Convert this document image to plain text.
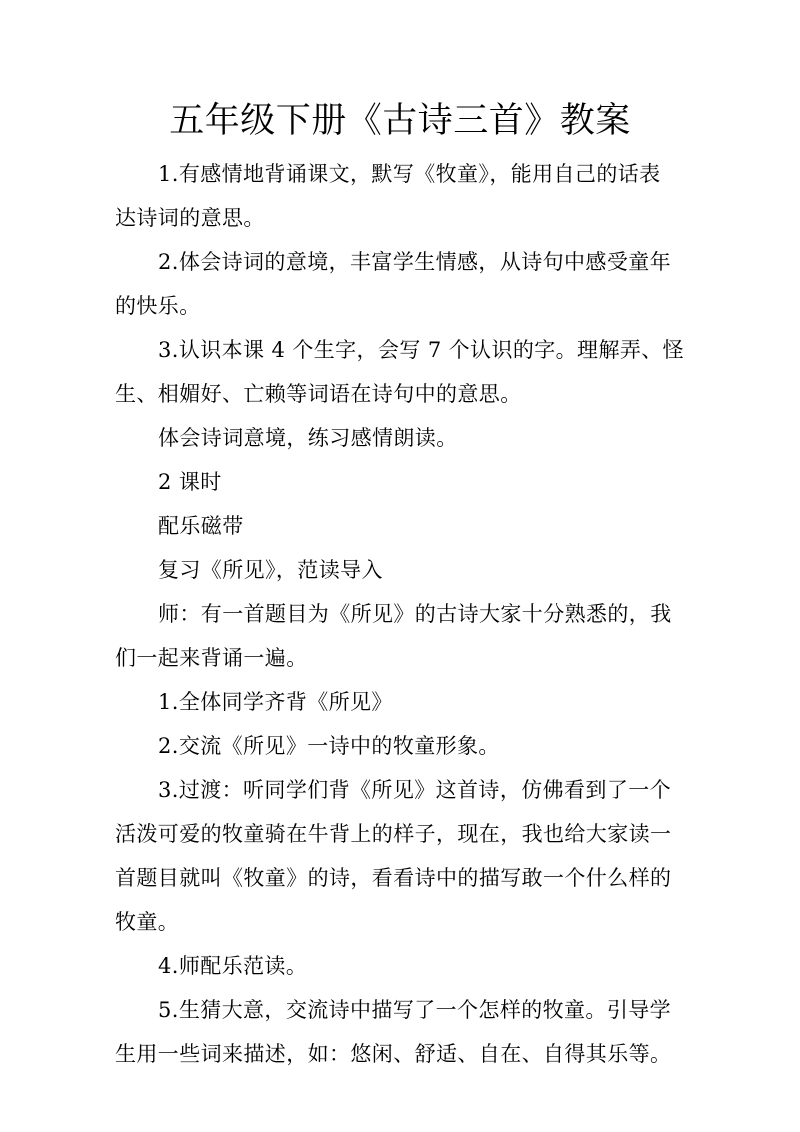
五年级下册《古诗三首》教案

1.有感情地背诵课文，默写《牧童》，能用自己的话表
达诗词的意思。

2.体会诗词的意境，丰富学生情感，从诗句中感受童年
的快乐。

3.认识本课 4 个生字，会写 7 个认识的字。理解弄、怪
生、相媚好、亡赖等词语在诗句中的意思。

体会诗词意境，练习感情朗读。

2 课时

配乐磁带

复习《所见》，范读导入

师：有一首题目为《所见》的古诗大家十分熟悉的，我
们一起来背诵一遍。

1.全体同学齐背《所见》

2.交流《所见》一诗中的牧童形象。

3.过渡：听同学们背《所见》这首诗，仿佛看到了一个
活泼可爱的牧童骑在牛背上的样子，现在，我也给大家读一
首题目就叫《牧童》的诗，看看诗中的描写敢一个什么样的
牧童。

4.师配乐范读。

5.生猜大意，交流诗中描写了一个怎样的牧童。引导学
生用一些词来描述，如：悠闲、舒适、自在、自得其乐等。
